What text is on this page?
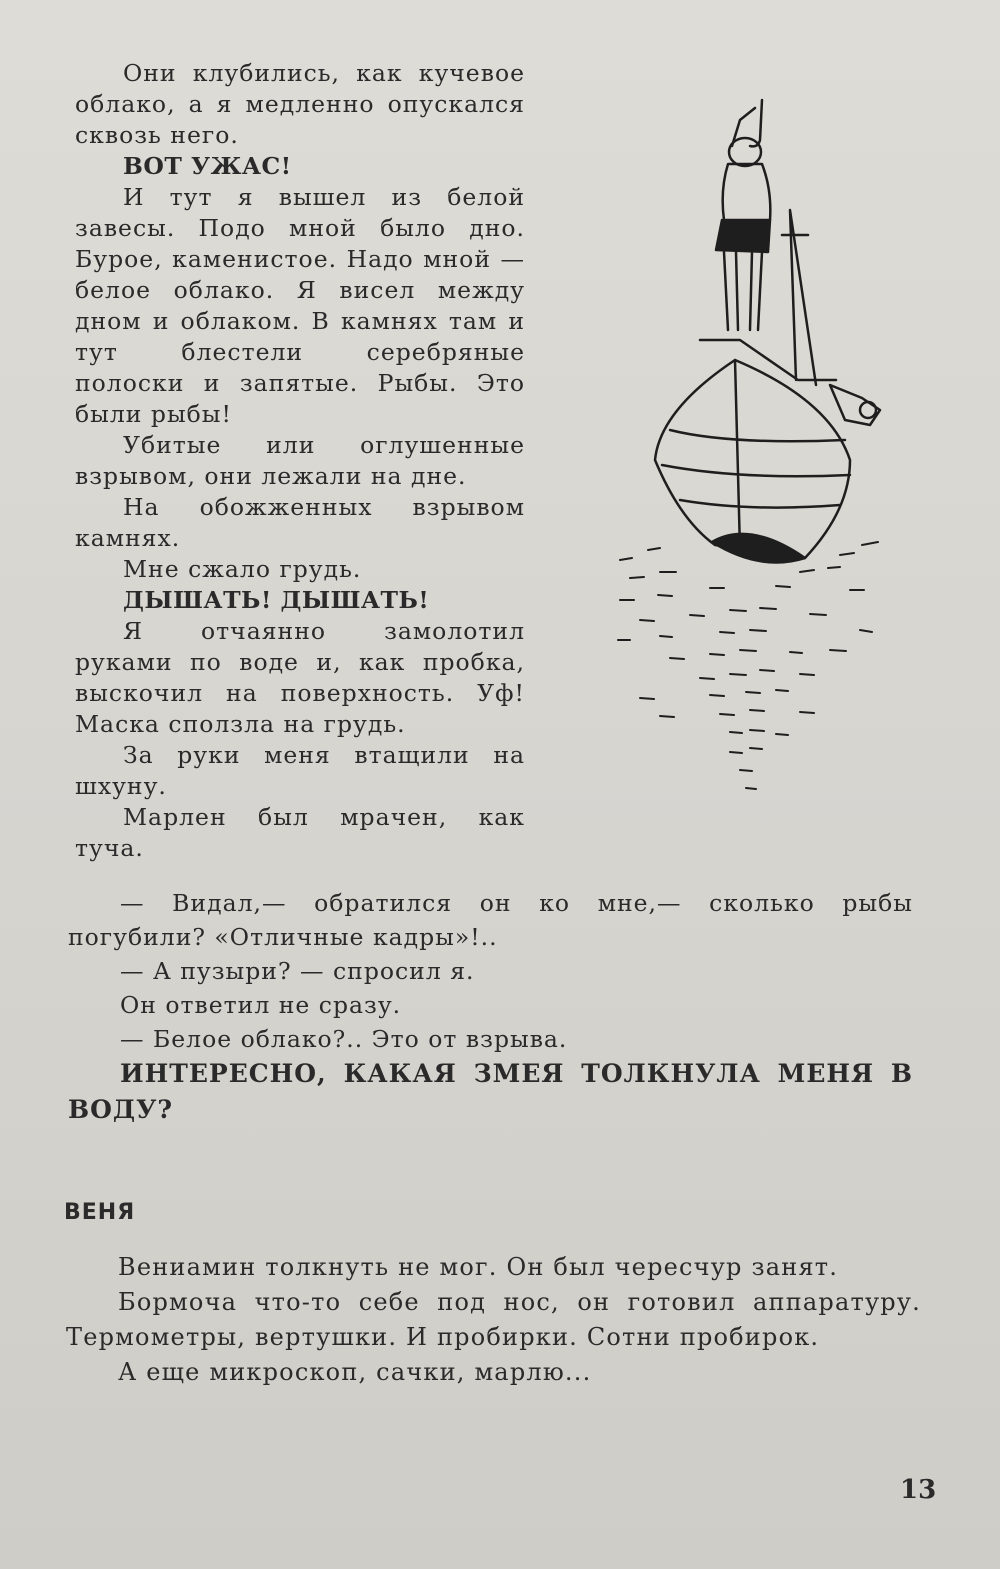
Они клубились, как кучевое облако, а я медленно опускался сквозь него.

ВОТ УЖАС!

И тут я вышел из белой завесы. Подо мной было дно. Бурое, каменистое. Надо мной — белое облако. Я висел между дном и облаком. В камнях там и тут блестели серебряные полоски и запятые. Рыбы. Это были рыбы!

Убитые или оглушенные взрывом, они лежали на дне.

На обожженных взрывом камнях.

Мне сжало грудь.

ДЫШАТЬ! ДЫШАТЬ!

Я отчаянно замолотил руками по воде и, как пробка, выскочил на поверхность. Уф! Маска сползла на грудь.

За руки меня втащили на шхуну.

Марлен был мрачен, как туча.

— Видал,— обратился он ко мне,— сколько рыбы погубили? «Отличные кадры»!..

— А пузыри? — спросил я.

Он ответил не сразу.

— Белое облако?.. Это от взрыва.

ИНТЕРЕСНО, КАКАЯ ЗМЕЯ ТОЛКНУЛА МЕНЯ В ВОДУ?

ВЕНЯ

Вениамин толкнуть не мог. Он был чересчур занят.

Бормоча что-то себе под нос, он готовил аппаратуру. Термометры, вертушки. И пробирки. Сотни пробирок.

А еще микроскоп, сачки, марлю...

13
